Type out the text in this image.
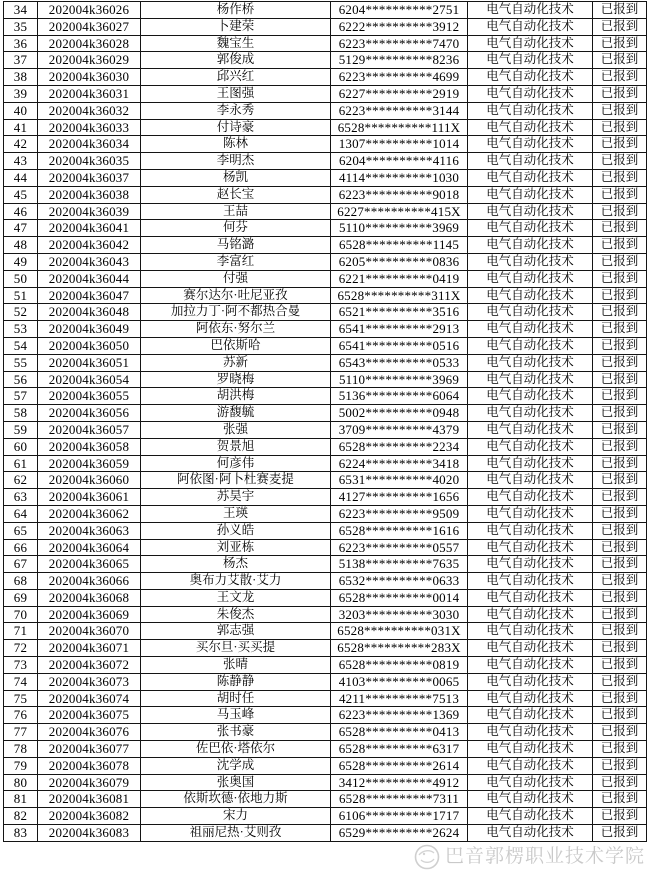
34	202004k36026	杨作桥	6204**********2751	电气自动化技术	已报到
35	202004k36027	卜建荣	6222**********3912	电气自动化技术	已报到
36	202004k36028	魏宝生	6223**********7470	电气自动化技术	已报到
37	202004k36029	郭俊成	5129**********8236	电气自动化技术	已报到
38	202004k36030	邱兴红	6223**********4699	电气自动化技术	已报到
39	202004k36031	王图强	6227**********2919	电气自动化技术	已报到
40	202004k36032	李永秀	6223**********3144	电气自动化技术	已报到
41	202004k36033	付诗豪	6528**********111X	电气自动化技术	已报到
42	202004k36034	陈林	1307**********1014	电气自动化技术	已报到
43	202004k36035	李明杰	6204**********4116	电气自动化技术	已报到
44	202004k36037	杨凯	4114**********1030	电气自动化技术	已报到
45	202004k36038	赵长宝	6223**********9018	电气自动化技术	已报到
46	202004k36039	王喆	6227**********415X	电气自动化技术	已报到
47	202004k36041	何芬	5110**********3969	电气自动化技术	已报到
48	202004k36042	马铭潞	6528**********1145	电气自动化技术	已报到
49	202004k36043	李富红	6205**********0836	电气自动化技术	已报到
50	202004k36044	付强	6221**********0419	电气自动化技术	已报到
51	202004k36047	赛尔达尔·吐尼亚孜	6528**********311X	电气自动化技术	已报到
52	202004k36048	加拉力丁·阿不都热合曼	6521**********3516	电气自动化技术	已报到
53	202004k36049	阿依东·努尔兰	6541**********2913	电气自动化技术	已报到
54	202004k36050	巴依斯哈	6541**********0516	电气自动化技术	已报到
55	202004k36051	苏新	6543**********0533	电气自动化技术	已报到
56	202004k36054	罗晓梅	5110**********3969	电气自动化技术	已报到
57	202004k36055	胡洪梅	5136**********6064	电气自动化技术	已报到
58	202004k36056	游馥毓	5002**********0948	电气自动化技术	已报到
59	202004k36057	张强	3709**********4379	电气自动化技术	已报到
60	202004k36058	贺景旭	6528**********2234	电气自动化技术	已报到
61	202004k36059	何彦伟	6224**********3418	电气自动化技术	已报到
62	202004k36060	阿依图·阿卜杜赛麦提	6531**********4020	电气自动化技术	已报到
63	202004k36061	苏昊宇	4127**********1656	电气自动化技术	已报到
64	202004k36062	王瑛	6223**********9509	电气自动化技术	已报到
65	202004k36063	孙义皓	6528**********1616	电气自动化技术	已报到
66	202004k36064	刘亚栋	6223**********0557	电气自动化技术	已报到
67	202004k36065	杨杰	5138**********7635	电气自动化技术	已报到
68	202004k36066	奥布力艾散·艾力	6532**********0633	电气自动化技术	已报到
69	202004k36068	王文龙	6528**********0014	电气自动化技术	已报到
70	202004k36069	朱俊杰	3203**********3030	电气自动化技术	已报到
71	202004k36070	郭志强	6528**********031X	电气自动化技术	已报到
72	202004k36071	买尔旦·买买提	6528**********283X	电气自动化技术	已报到
73	202004k36072	张晴	6528**********0819	电气自动化技术	已报到
74	202004k36073	陈静静	4103**********0065	电气自动化技术	已报到
75	202004k36074	胡时任	4211**********7513	电气自动化技术	已报到
76	202004k36075	马玉峰	6223**********1369	电气自动化技术	已报到
77	202004k36076	张书豪	6528**********0413	电气自动化技术	已报到
78	202004k36077	佐巴依·塔依尔	6528**********6317	电气自动化技术	已报到
79	202004k36078	沈学成	6528**********2614	电气自动化技术	已报到
80	202004k36079	张奥国	3412**********4912	电气自动化技术	已报到
81	202004k36081	依斯坎德·依地力斯	6528**********7311	电气自动化技术	已报到
82	202004k36082	宋力	6106**********1717	电气自动化技术	已报到
83	202004k36083	祖丽尼热·艾则孜	6529**********2624	电气自动化技术	已报到
巴音郭楞职业技术学院
